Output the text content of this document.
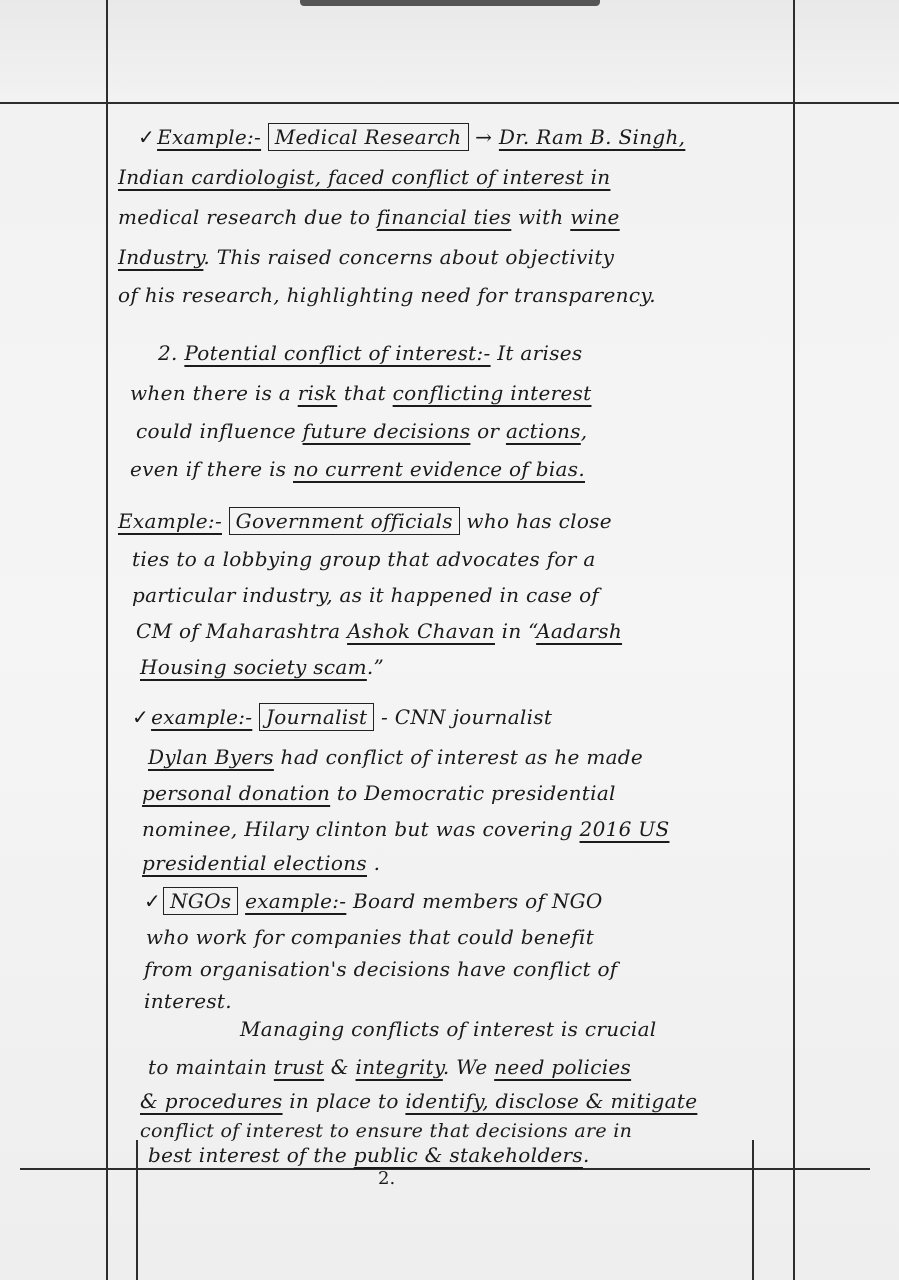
✓ Example:- Medical Research → Dr. Ram B. Singh,
Indian cardiologist, faced conflict of interest in
medical research due to financial ties with wine
Industry. This raised concerns about objectivity
of his research, highlighting need for transparency.
2. Potential conflict of interest:- It arises
when there is a risk that conflicting interest
could influence future decisions or actions,
even if there is no current evidence of bias.
Example:- Government officials who has close
ties to a lobbying group that advocates for a
particular industry, as it happened in case of
CM of Maharashtra Ashok Chavan in “Aadarsh
Housing society scam.”
✓ example:- Journalist - CNN journalist
Dylan Byers had conflict of interest as he made
personal donation to Democratic presidential
nominee, Hilary clinton but was covering 2016 US
presidential elections .
✓ NGOs example:- Board members of NGO
who work for companies that could benefit
from organisation's decisions have conflict of
interest.
Managing conflicts of interest is crucial
to maintain trust & integrity. We need policies
& procedures in place to identify, disclose & mitigate
conflict of interest to ensure that decisions are in
best interest of the public & stakeholders.
2.
